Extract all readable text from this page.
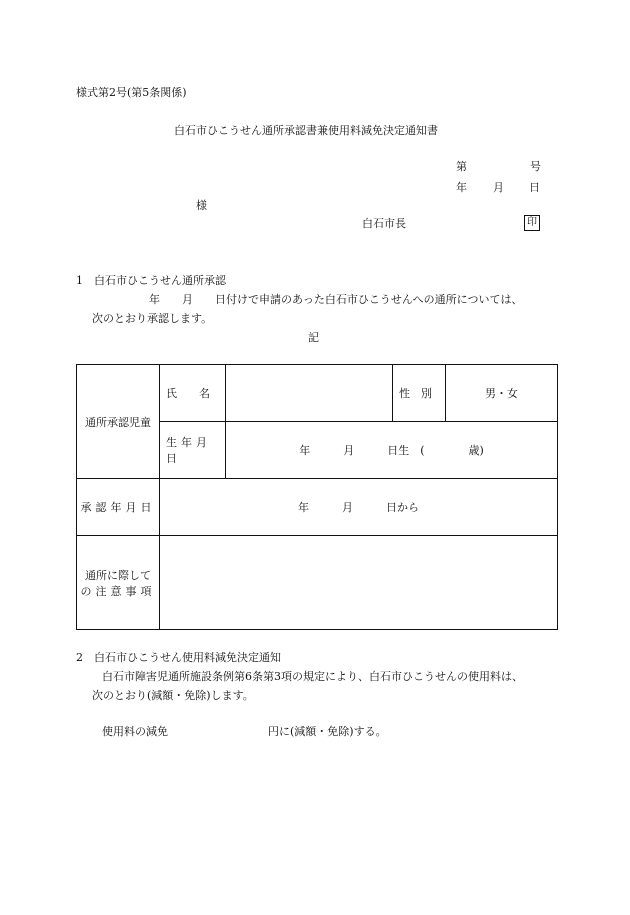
様式第2号(第5条関係)
白石市ひこうせん通所承認書兼使用料減免決定通知書
第	号
年 月 日
様
白石市長	印
1　白石市ひこうせん通所承認
年　　月　　日付けで申請のあった白石市ひこうせんへの通所については、
次のとおり承認します。
記
通所承認児童	氏　　名		性　別	男・女
	生年月日	年　　　月　　　日生　(　　　　歳)		
承認年月日	年　　　月　　　日から			

通所に際して
の注意事項				

2　白石市ひこうせん使用料減免決定通知
白石市障害児通所施設条例第6条第3項の規定により、白石市ひこうせんの使用料は、
次のとおり(減額・免除)します。
使用料の減免	円に(減額・免除)する。
